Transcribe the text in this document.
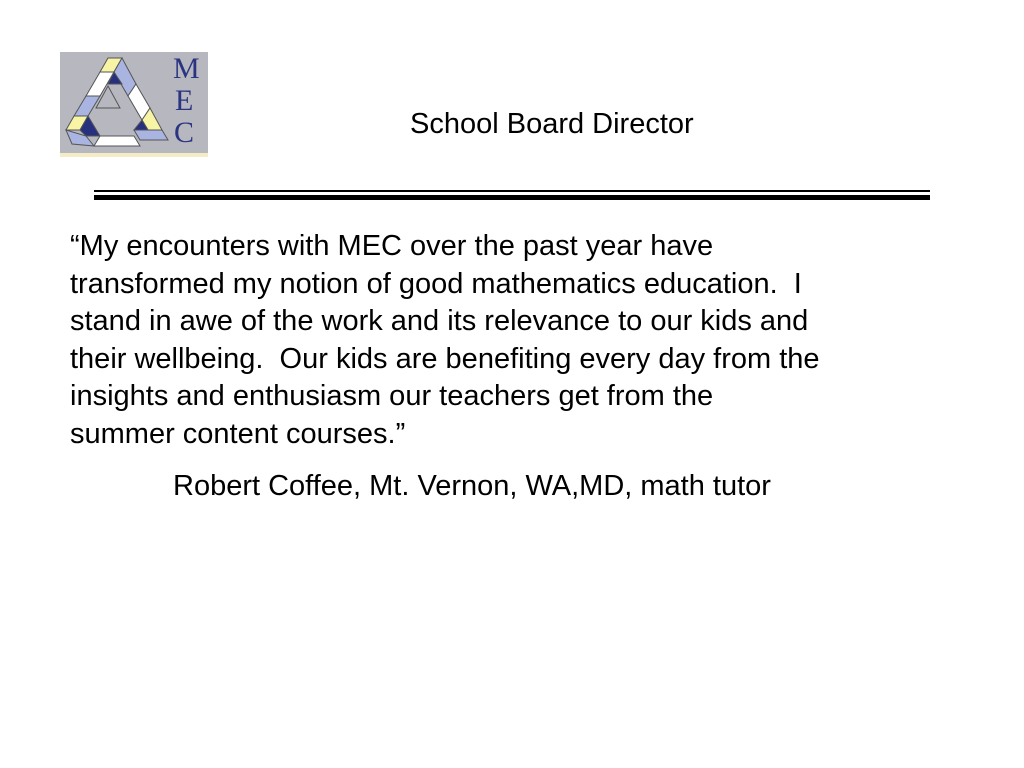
M
E
C	School Board Director
“My encounters with MEC over the past year have
transformed my notion of good mathematics education.  I
stand in awe of the work and its relevance to our kids and
their wellbeing.  Our kids are benefiting every day from the
insights and enthusiasm our teachers get from the
summer content courses.”
Robert Coffee, Mt. Vernon, WA,MD, math tutor
